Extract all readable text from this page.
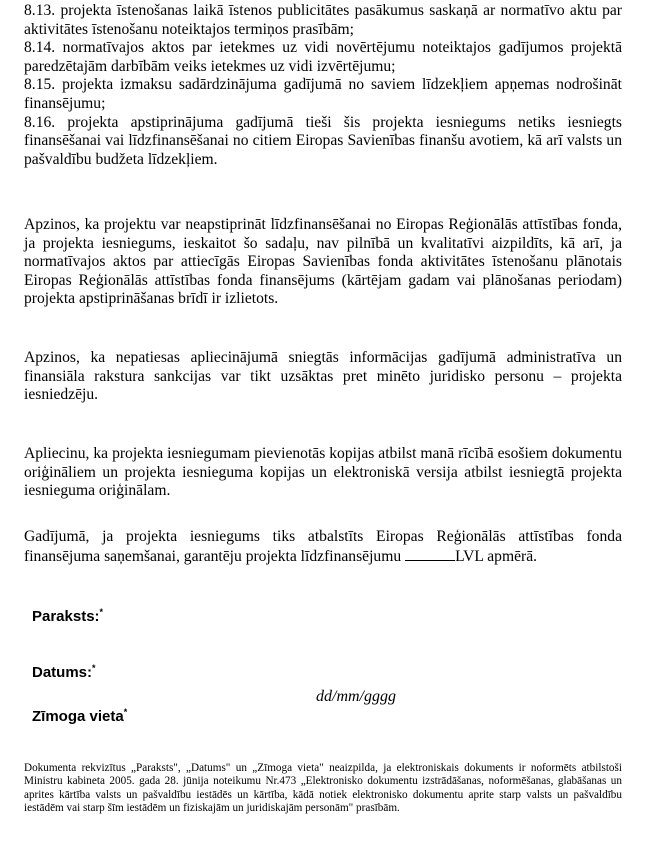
8.13. projekta īstenošanas laikā īstenos publicitātes pasākumus saskaņā ar normatīvo aktu par aktivitātes īstenošanu noteiktajos termiņos prasībām;

8.14. normatīvajos aktos par ietekmes uz vidi novērtējumu noteiktajos gadījumos projektā paredzētajām darbībām veiks ietekmes uz vidi izvērtējumu;

8.15. projekta izmaksu sadārdzinājuma gadījumā no saviem līdzekļiem apņemas nodrošināt finansējumu;

8.16. projekta apstiprinājuma gadījumā tieši šis projekta iesniegums netiks iesniegts finansēšanai vai līdzfinansēšanai no citiem Eiropas Savienības finanšu avotiem, kā arī valsts un pašvaldību budžeta līdzekļiem.

Apzinos, ka projektu var neapstiprināt līdzfinansēšanai no Eiropas Reģionālās attīstības fonda, ja projekta iesniegums, ieskaitot šo sadaļu, nav pilnībā un kvalitatīvi aizpildīts, kā arī, ja normatīvajos aktos par attiecīgās Eiropas Savienības fonda aktivitātes īstenošanu plānotais Eiropas Reģionālās attīstības fonda finansējums (kārtējam gadam vai plānošanas periodam) projekta apstiprināšanas brīdī ir izlietots.

Apzinos, ka nepatiesas apliecinājumā sniegtās informācijas gadījumā administratīva un finansiāla rakstura sankcijas var tikt uzsāktas pret minēto juridisko personu – projekta iesniedzēju.

Apliecinu, ka projekta iesniegumam pievienotās kopijas atbilst manā rīcībā esošiem dokumentu oriģināliem un projekta iesnieguma kopijas un elektroniskā versija atbilst iesniegtā projekta iesnieguma oriģinālam.

Gadījumā, ja projekta iesniegums tiks atbalstīts Eiropas Reģionālās attīstības fonda finansējuma saņemšanai, garantēju projekta līdzfinansējumu	LVL apmērā.

Paraksts:*
Datums:*
dd/mm/gggg
Zīmoga vieta*

Dokumenta rekvizītus „Paraksts", „Datums" un „Zīmoga vieta" neaizpilda, ja elektroniskais dokuments ir noformēts atbilstoši Ministru kabineta 2005. gada 28. jūnija noteikumu Nr.473 „Elektronisko dokumentu izstrādāšanas, noformēšanas, glabāšanas un aprites kārtība valsts un pašvaldību iestādēs un kārtība, kādā notiek elektronisko dokumentu aprite starp valsts un pašvaldību iestādēm vai starp šīm iestādēm un fiziskajām un juridiskajām personām" prasībām.
